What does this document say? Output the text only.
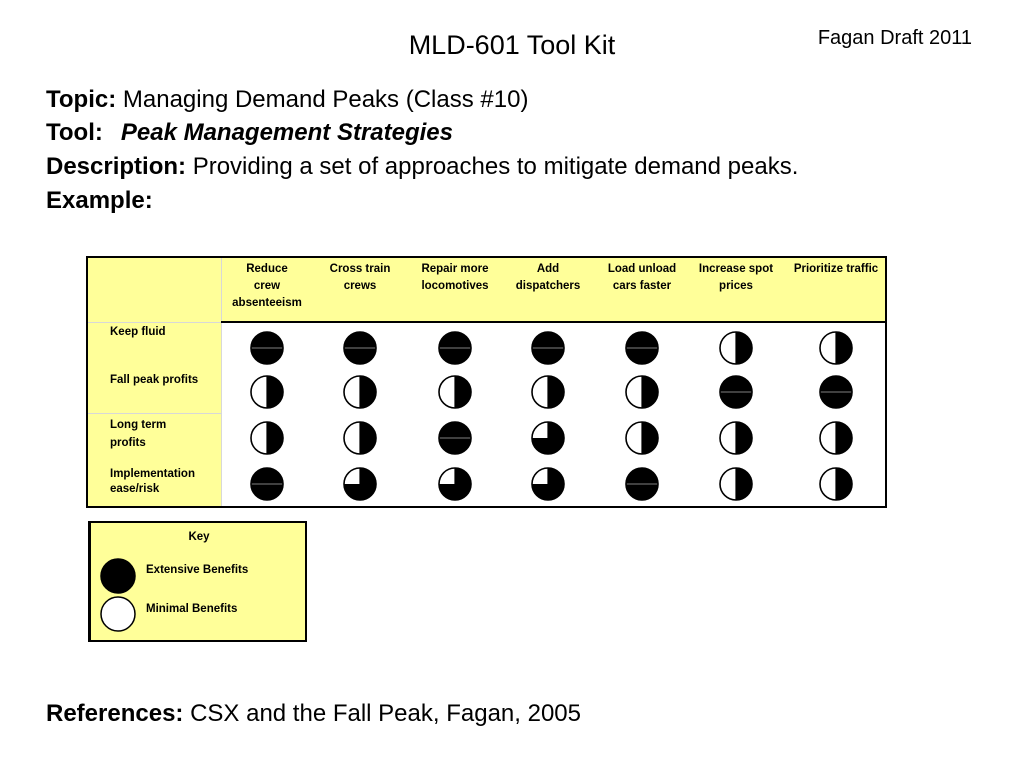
MLD-601 Tool Kit	Fagan Draft 2011
Topic: Managing Demand Peaks (Class #10)
Tool: Peak Management Strategies
Description: Providing a set of approaches to mitigate demand peaks.
Example:
Reduce
crew
absenteeism
Cross train
crews
Repair more
locomotives
Add
dispatchers
Load unload
cars faster
Increase spot
prices
Prioritize traffic
Keep fluid
Fall peak profits
Long term
profits
Implementation
ease/risk
Key
Extensive Benefits
Minimal Benefits
References: CSX and the Fall Peak, Fagan, 2005
